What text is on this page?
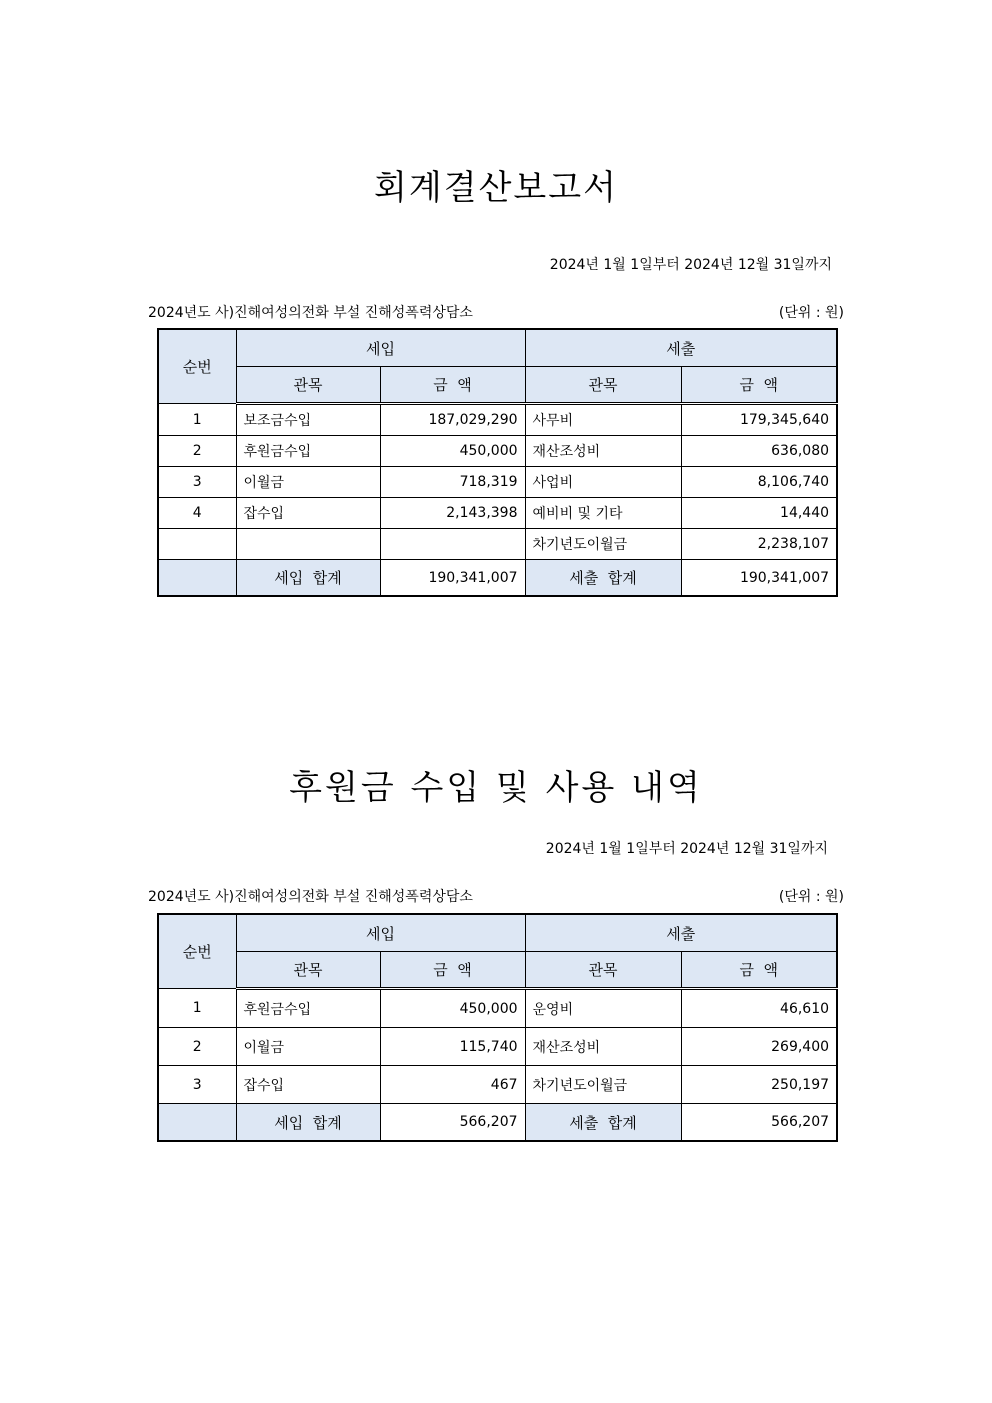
회계결산보고서
2024년 1월 1일부터 2024년 12월 31일까지
2024년도 사)진해여성의전화 부설 진해성폭력상담소	(단위 : 원)
순번	세입		세출	
	관목	금  액	관목	금  액
1	보조금수입	187,029,290	사무비	179,345,640
2	후원금수입	450,000	재산조성비	636,080
3	이월금	718,319	사업비	8,106,740
4	잡수입	2,143,398	예비비 및 기타	14,440
			차기년도이월금	2,238,107
	세입  합계	190,341,007	세출  합계	190,341,007
후원금 수입 및 사용 내역
2024년 1월 1일부터 2024년 12월 31일까지
2024년도 사)진해여성의전화 부설 진해성폭력상담소	(단위 : 원)
순번	세입		세출	
	관목	금  액	관목	금  액
1	후원금수입	450,000	운영비	46,610
2	이월금	115,740	재산조성비	269,400
3	잡수입	467	차기년도이월금	250,197
	세입  합계	566,207	세출  합계	566,207
